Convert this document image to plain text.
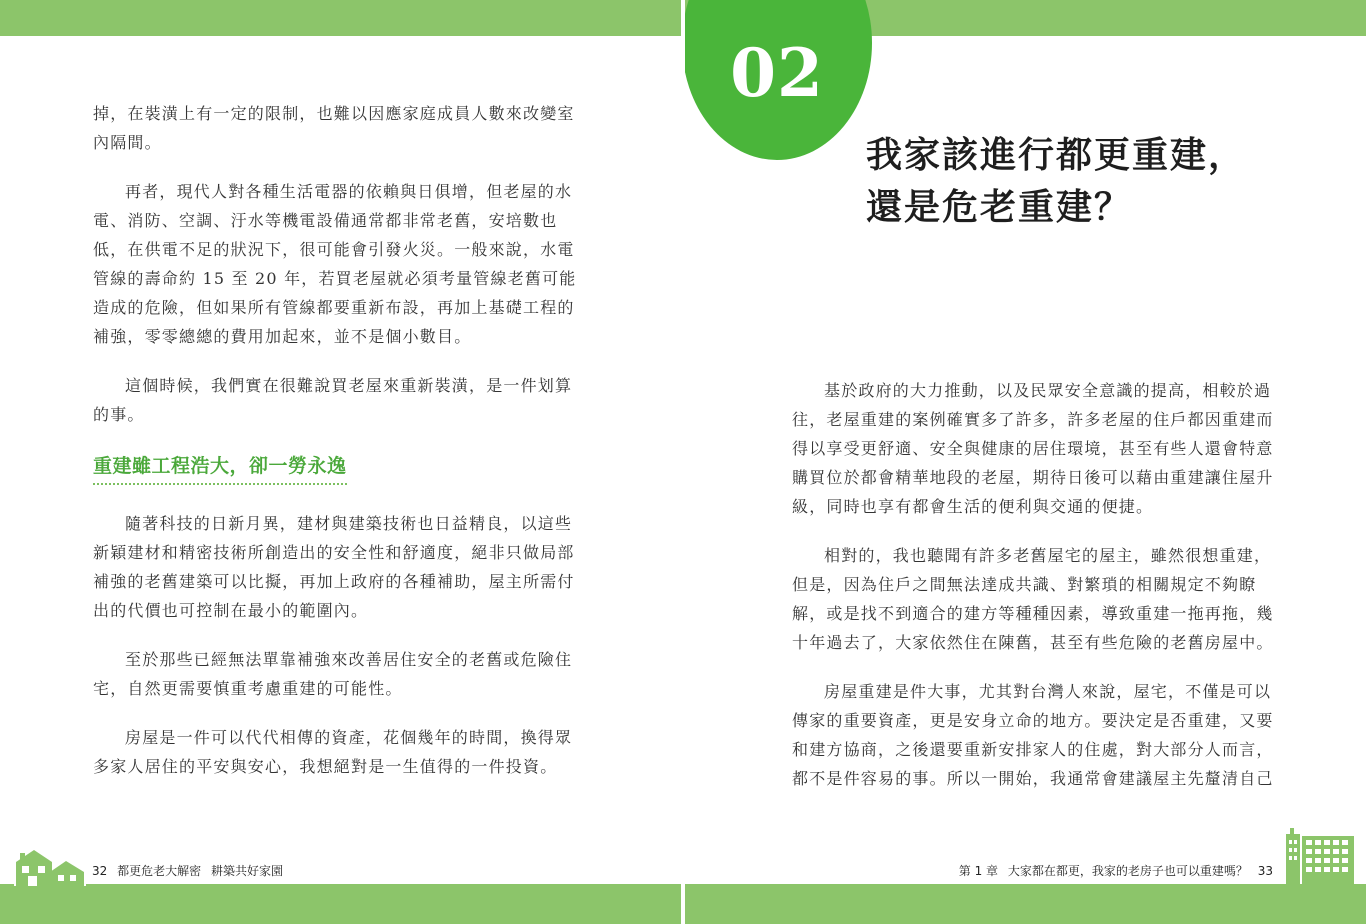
掉，在裝潢上有一定的限制，也難以因應家庭成員人數來改變室內隔間。

再者，現代人對各種生活電器的依賴與日俱增，但老屋的水電、消防、空調、汙水等機電設備通常都非常老舊，安培數也低，在供電不足的狀況下，很可能會引發火災。一般來說，水電管線的壽命約 15 至 20 年，若買老屋就必須考量管線老舊可能造成的危險，但如果所有管線都要重新布設，再加上基礎工程的補強，零零總總的費用加起來，並不是個小數目。

這個時候，我們實在很難說買老屋來重新裝潢，是一件划算的事。

重建雖工程浩大，卻一勞永逸

隨著科技的日新月異，建材與建築技術也日益精良，以這些新穎建材和精密技術所創造出的安全性和舒適度，絕非只做局部補強的老舊建築可以比擬，再加上政府的各種補助，屋主所需付出的代價也可控制在最小的範圍內。

至於那些已經無法單靠補強來改善居住安全的老舊或危險住宅，自然更需要慎重考慮重建的可能性。

房屋是一件可以代代相傳的資產，花個幾年的時間，換得眾多家人居住的平安與安心，我想絕對是一生值得的一件投資。

32 都更危老大解密 耕築共好家園
02
我家該進行都更重建，
還是危老重建？

基於政府的大力推動，以及民眾安全意識的提高，相較於過往，老屋重建的案例確實多了許多，許多老屋的住戶都因重建而得以享受更舒適、安全與健康的居住環境，甚至有些人還會特意購買位於都會精華地段的老屋，期待日後可以藉由重建讓住屋升級，同時也享有都會生活的便利與交通的便捷。

相對的，我也聽聞有許多老舊屋宅的屋主，雖然很想重建，但是，因為住戶之間無法達成共識、對繁瑣的相關規定不夠瞭解，或是找不到適合的建方等種種因素，導致重建一拖再拖，幾十年過去了，大家依然住在陳舊，甚至有些危險的老舊房屋中。

房屋重建是件大事，尤其對台灣人來說，屋宅，不僅是可以傳家的重要資產，更是安身立命的地方。要決定是否重建，又要和建方協商，之後還要重新安排家人的住處，對大部分人而言，都不是件容易的事。所以一開始，我通常會建議屋主先釐清自己

第 1 章 大家都在都更，我家的老房子也可以重建嗎？ 33
